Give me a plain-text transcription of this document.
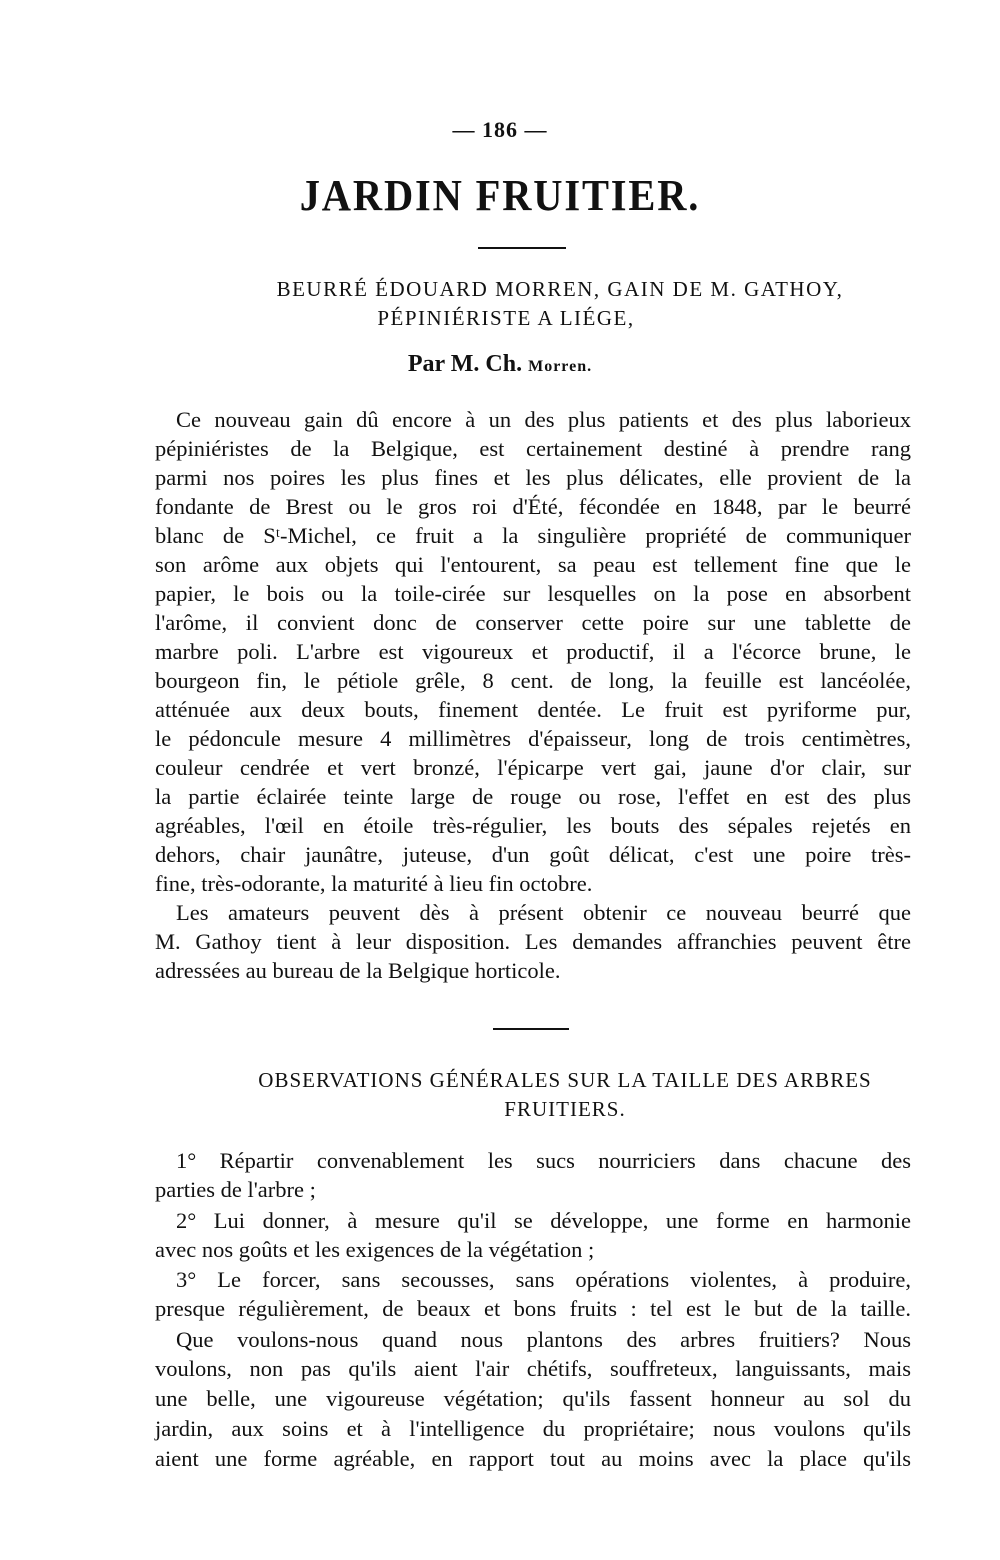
— 186 —
JARDIN FRUITIER.
BEURRÉ ÉDOUARD MORREN, GAIN DE M. GATHOY,
PÉPINIÉRISTE A LIÉGE,
Par M. Ch. Morren.
Ce nouveau gain dû encore à un des plus patients et des plus laborieux
pépiniéristes de la Belgique, est certainement destiné à prendre rang
parmi nos poires les plus fines et les plus délicates, elle provient de la
fondante de Brest ou le gros roi d'Été, fécondée en 1848, par le beurré
blanc de Sᵗ-Michel, ce fruit a la singulière propriété de communiquer
son arôme aux objets qui l'entourent, sa peau est tellement fine que le
papier, le bois ou la toile-cirée sur lesquelles on la pose en absorbent
l'arôme, il convient donc de conserver cette poire sur une tablette de
marbre poli. L'arbre est vigoureux et productif, il a l'écorce brune, le
bourgeon fin, le pétiole grêle, 8 cent. de long, la feuille est lancéolée,
atténuée aux deux bouts, finement dentée. Le fruit est pyriforme pur,
le pédoncule mesure 4 millimètres d'épaisseur, long de trois centimètres,
couleur cendrée et vert bronzé, l'épicarpe vert gai, jaune d'or clair, sur
la partie éclairée teinte large de rouge ou rose, l'effet en est des plus
agréables, l'œil en étoile très-régulier, les bouts des sépales rejetés en
dehors, chair jaunâtre, juteuse, d'un goût délicat, c'est une poire très-
fine, très-odorante, la maturité à lieu fin octobre.
Les amateurs peuvent dès à présent obtenir ce nouveau beurré que
M. Gathoy tient à leur disposition. Les demandes affranchies peuvent être
adressées au bureau de la Belgique horticole.
OBSERVATIONS GÉNÉRALES SUR LA TAILLE DES ARBRES
FRUITIERS.
1° Répartir convenablement les sucs nourriciers dans chacune des
parties de l'arbre ;
2° Lui donner, à mesure qu'il se développe, une forme en harmonie
avec nos goûts et les exigences de la végétation ;
3° Le forcer, sans secousses, sans opérations violentes, à produire,
presque régulièrement, de beaux et bons fruits : tel est le but de la taille.
Que voulons-nous quand nous plantons des arbres fruitiers? Nous
voulons, non pas qu'ils aient l'air chétifs, souffreteux, languissants, mais
une belle, une vigoureuse végétation; qu'ils fassent honneur au sol du
jardin, aux soins et à l'intelligence du propriétaire; nous voulons qu'ils
aient une forme agréable, en rapport tout au moins avec la place qu'ils
